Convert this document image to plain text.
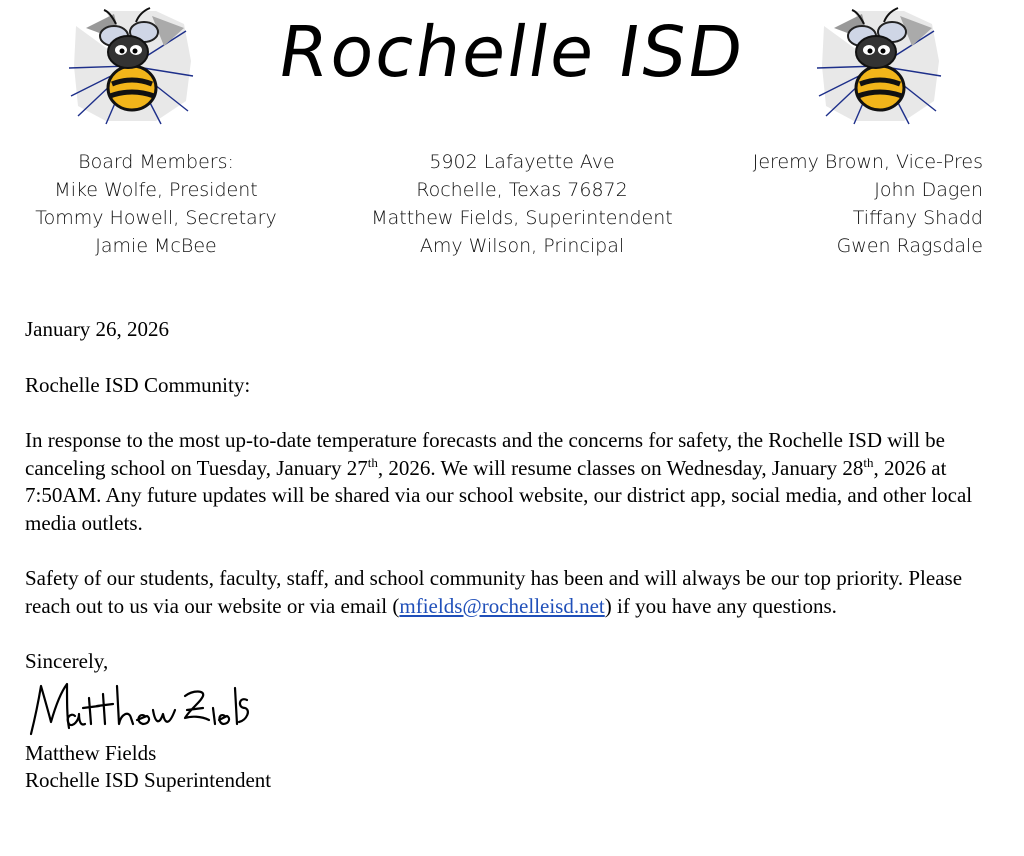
Rochelle ISD
Board Members:
Mike Wolfe, President
Tommy Howell, Secretary
Jamie McBee
5902 Lafayette Ave
Rochelle, Texas 76872
Matthew Fields, Superintendent
Amy Wilson, Principal
Jeremy Brown, Vice-Pres
John Dagen
Tiffany Shadd
Gwen Ragsdale

January 26, 2026

Rochelle ISD Community:

In response to the most up-to-date temperature forecasts and the concerns for safety, the Rochelle ISD will be canceling school on Tuesday, January 27th, 2026. We will resume classes on Wednesday, January 28th, 2026 at 7:50AM. Any future updates will be shared via our school website, our district app, social media, and other local media outlets.

Safety of our students, faculty, staff, and school community has been and will always be our top priority. Please reach out to us via our website or via email (mfields@rochelleisd.net) if you have any questions.

Sincerely,

Matthew Fields

Rochelle ISD Superintendent
